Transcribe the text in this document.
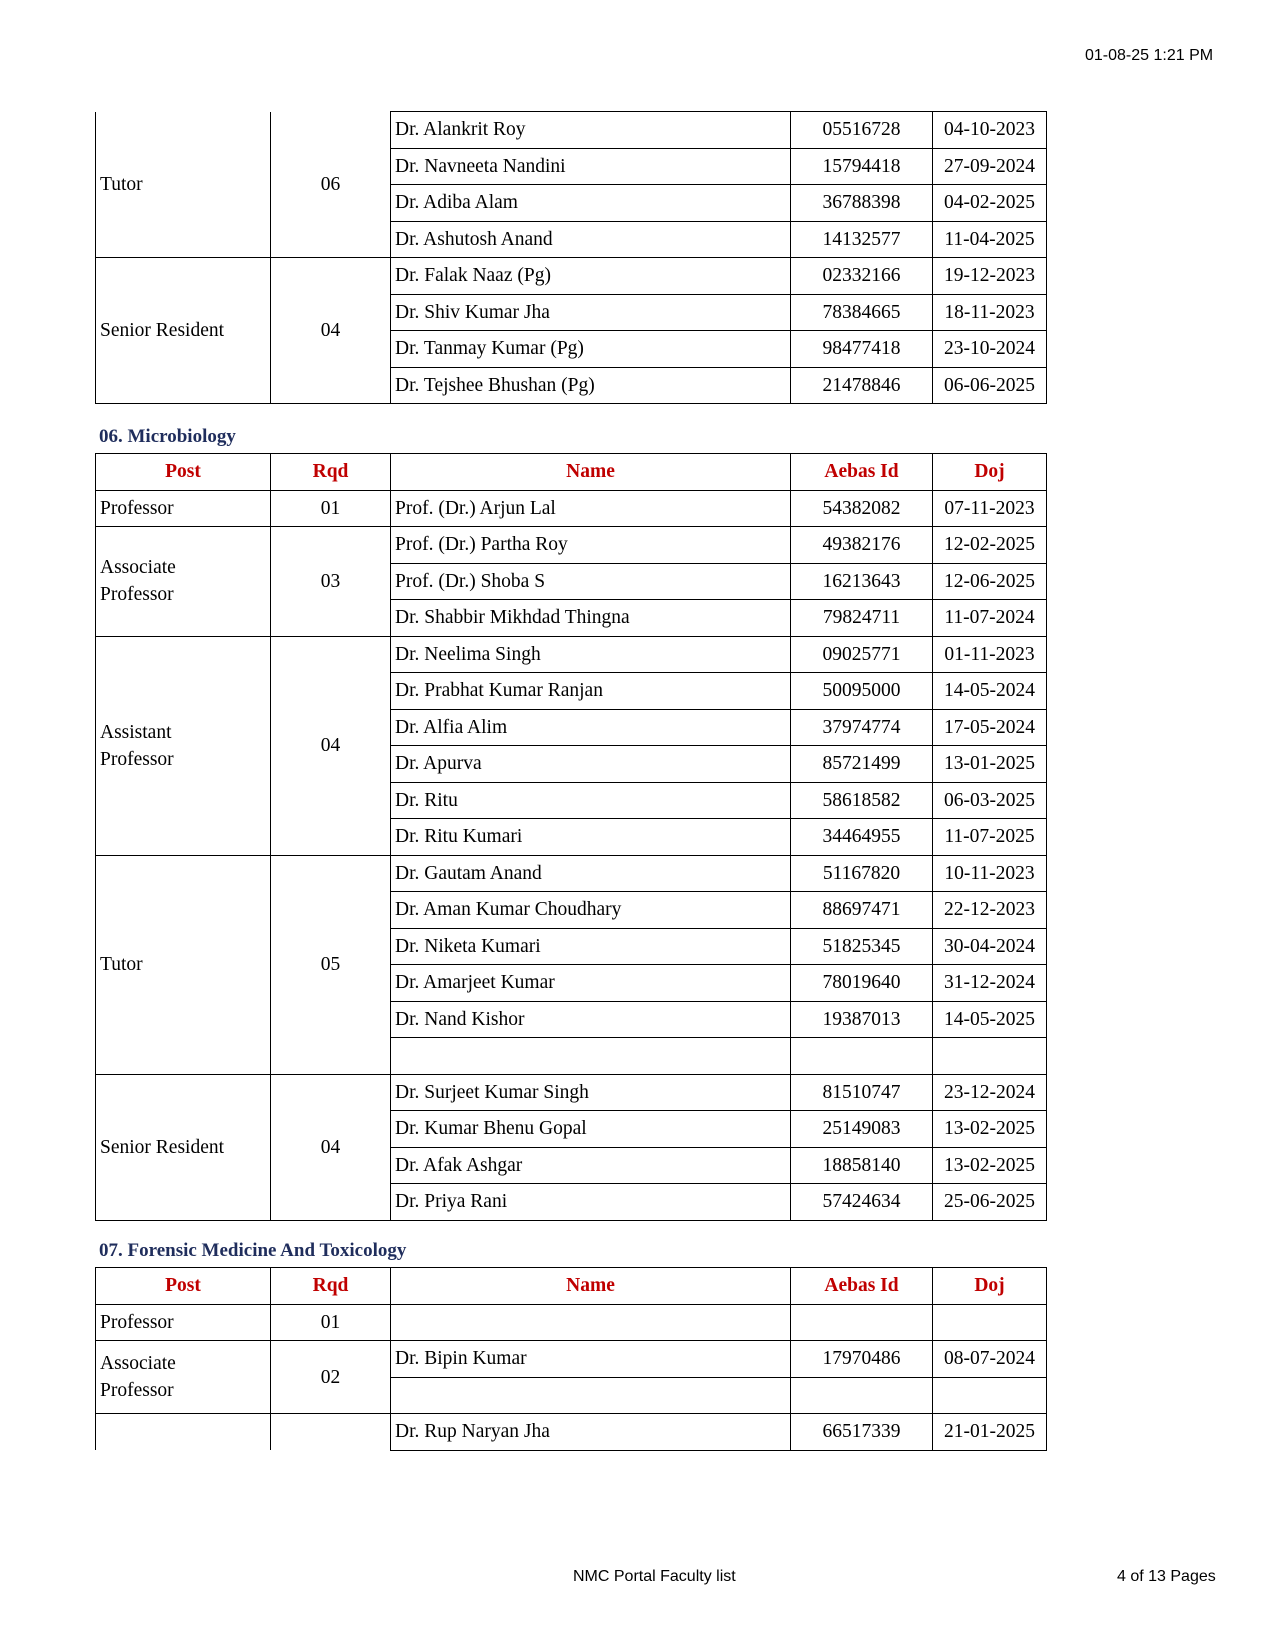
01-08-25 1:21 PM
Tutor	06	Dr. Alankrit Roy	05516728	04-10-2023
		Dr. Navneeta Nandini	15794418	27-09-2024
		Dr. Adiba Alam	36788398	04-02-2025
		Dr. Ashutosh Anand	14132577	11-04-2025
Senior Resident	04	Dr. Falak Naaz (Pg)	02332166	19-12-2023
		Dr. Shiv Kumar Jha	78384665	18-11-2023
		Dr. Tanmay Kumar (Pg)	98477418	23-10-2024
		Dr. Tejshee Bhushan (Pg)	21478846	06-06-2025
06. Microbiology
Post	Rqd	Name	Aebas Id	Doj
Professor	01	Prof. (Dr.) Arjun Lal	54382082	07-11-2023
Associate
Professor	03	Prof. (Dr.) Partha Roy	49382176	12-02-2025
		Prof. (Dr.) Shoba S	16213643	12-06-2025
		Dr. Shabbir Mikhdad Thingna	79824711	11-07-2024
Assistant
Professor	04	Dr. Neelima Singh	09025771	01-11-2023
		Dr. Prabhat Kumar Ranjan	50095000	14-05-2024
		Dr. Alfia Alim	37974774	17-05-2024
		Dr. Apurva	85721499	13-01-2025
		Dr. Ritu	58618582	06-03-2025
		Dr. Ritu Kumari	34464955	11-07-2025
Tutor	05	Dr. Gautam Anand	51167820	10-11-2023
		Dr. Aman Kumar Choudhary	88697471	22-12-2023
		Dr. Niketa Kumari	51825345	30-04-2024
		Dr. Amarjeet Kumar	78019640	31-12-2024
		Dr. Nand Kishor	19387013	14-05-2025

Senior Resident	04	Dr. Surjeet Kumar Singh	81510747	23-12-2024
		Dr. Kumar Bhenu Gopal	25149083	13-02-2025
		Dr. Afak Ashgar	18858140	13-02-2025
		Dr. Priya Rani	57424634	25-06-2025
07. Forensic Medicine And Toxicology
Post	Rqd	Name	Aebas Id	Doj
Professor	01			
Associate
Professor	02	Dr. Bipin Kumar	17970486	08-07-2024

		Dr. Rup Naryan Jha	66517339	21-01-2025
NMC Portal Faculty list	4 of 13 Pages
